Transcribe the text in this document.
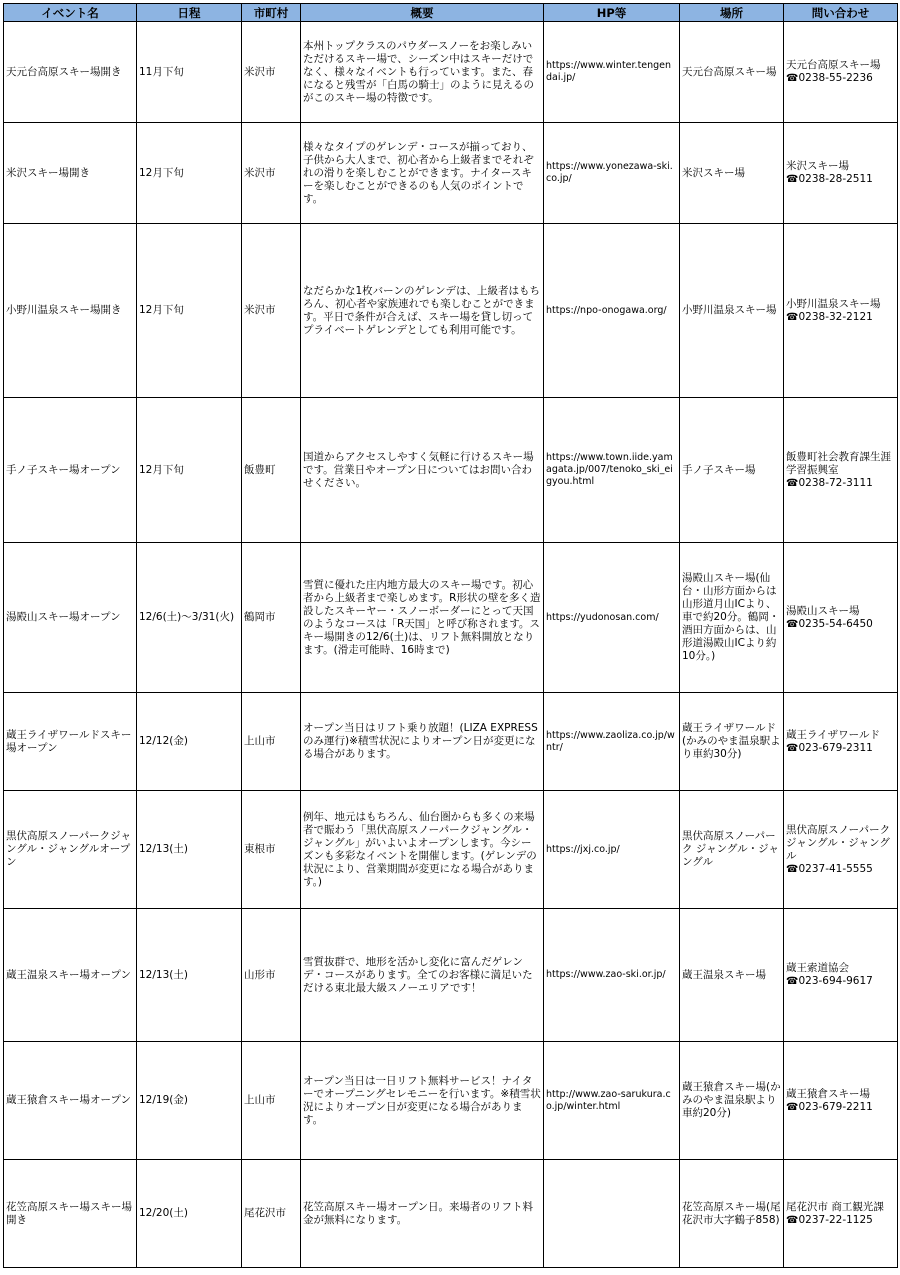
イベント名	日程	市町村	概要	HP等	場所	問い合わせ
天元台高原スキー場開き	11月下旬	米沢市	本州トップクラスのパウダースノーをお楽しみいただけるスキー場で、シーズン中はスキーだけでなく、様々なイベントも行っています。また、春になると残雪が「白馬の騎士」のように見えるのがこのスキー場の特徴です。	https://www.winter.tengendai.jp/	天元台高原スキー場	天元台高原スキー場
☎0238-55-2236

米沢スキー場開き	12月下旬	米沢市	様々なタイプのゲレンデ・コースが揃っており、子供から大人まで、初心者から上級者までそれぞれの滑りを楽しむことができます。ナイタースキーを楽しむことができるのも人気のポイントです。	https://www.yonezawa-ski.co.jp/	米沢スキー場	米沢スキー場
☎0238-28-2511

小野川温泉スキー場開き	12月下旬	米沢市	なだらかな1枚バーンのゲレンデは、上級者はもちろん、初心者や家族連れでも楽しむことができます。平日で条件が合えば、スキー場を貸し切ってプライベートゲレンデとしても利用可能です。	https://npo-onogawa.org/	小野川温泉スキー場	小野川温泉スキー場
☎0238-32-2121

手ノ子スキー場オープン	12月下旬	飯豊町	国道からアクセスしやすく気軽に行けるスキー場です。営業日やオープン日についてはお問い合わせください。	https://www.town.iide.yamagata.jp/007/tenoko_ski_eigyou.html	手ノ子スキー場	飯豊町社会教育課生涯学習振興室
☎0238-72-3111

湯殿山スキー場オープン	12/6(土)〜3/31(火)	鶴岡市	雪質に優れた庄内地方最大のスキー場です。初心者から上級者まで楽しめます。R形状の壁を多く造設したスキーヤー・スノーボーダーにとって天国のようなコースは「R天国」と呼び称されます。スキー場開きの12/6(土)は、リフト無料開放となります。(滑走可能時、16時まで)	https://yudonosan.com/	湯殿山スキー場(仙台・山形方面からは山形道月山ICより、車で約20分。鶴岡・酒田方面からは、山形道湯殿山ICより約10分。)	湯殿山スキー場
☎0235-54-6450

蔵王ライザワールドスキー場オープン	12/12(金)	上山市	オープン当日はリフト乗り放題！(LIZA EXPRESSのみ運行)※積雪状況によりオープン日が変更になる場合があります。	https://www.zaoliza.co.jp/wntr/	蔵王ライザワールド(かみのやま温泉駅より車約30分)	蔵王ライザワールド
☎023-679-2311

黒伏高原スノーパークジャングル・ジャングルオープン	12/13(土)	東根市	例年、地元はもちろん、仙台圏からも多くの来場者で賑わう「黒伏高原スノーパークジャングル・ジャングル」がいよいよオープンします。今シーズンも多彩なイベントを開催します。(ゲレンデの状況により、営業期間が変更になる場合があります。)	https://jxj.co.jp/	黒伏高原スノーパーク ジャングル・ジャングル	黒伏高原スノーパーク ジャングル・ジャングル
☎0237-41-5555

蔵王温泉スキー場オープン	12/13(土)	山形市	雪質抜群で、地形を活かし変化に富んだゲレンデ・コースがあります。全てのお客様に満足いただける東北最大級スノーエリアです！	https://www.zao-ski.or.jp/	蔵王温泉スキー場	蔵王索道協会
☎023-694-9617

蔵王猿倉スキー場オープン	12/19(金)	上山市	オープン当日は一日リフト無料サービス！ナイターでオープニングセレモニーを行います。※積雪状況によりオープン日が変更になる場合があります。	http://www.zao-sarukura.co.jp/winter.html	蔵王猿倉スキー場(かみのやま温泉駅より車約20分)	蔵王猿倉スキー場
☎023-679-2211

花笠高原スキー場スキー場開き	12/20(土)	尾花沢市	花笠高原スキー場オープン日。来場者のリフト料金が無料になります。		花笠高原スキー場(尾花沢市大字鶴子858)	尾花沢市 商工観光課
☎0237-22-1125
